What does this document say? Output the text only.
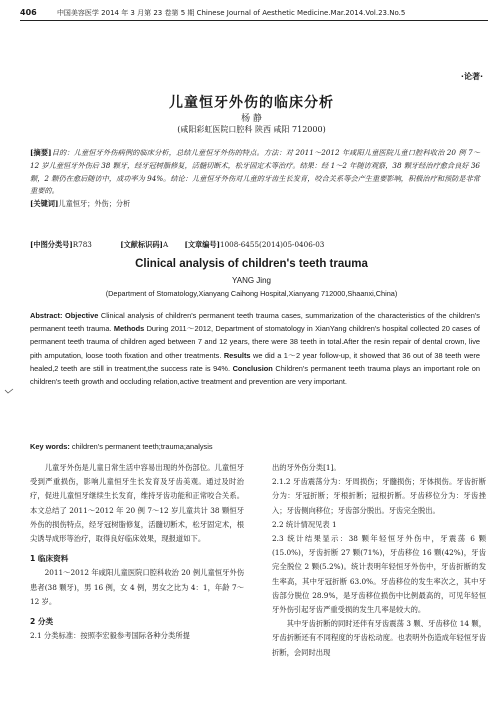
406	中国美容医学 2014 年 3 月第 23 卷第 5 期 Chinese Journal of Aesthetic Medicine.Mar.2014.Vol.23.No.5
·论著·
儿童恒牙外伤的临床分析
杨 静
(咸阳彩虹医院口腔科 陕西 咸阳 712000)
[摘要]目的：儿童恒牙外伤病例的临床分析，总结儿童恒牙外伤的特点。方法：对 2011～2012 年咸阳儿童医院儿童口腔科收治 20 例 7～12 岁儿童恒牙外伤后 38 颗牙，经牙冠树脂修复，活髓切断术，松牙固定术等治疗。结果：经 1～2 年随访观察，38 颗牙经治疗愈合良好 36 颗，2 颗仍在愈后随访中，成功率为 94%。结论：儿童恒牙外伤对儿童的牙齿生长发育，咬合关系等会产生重要影响，积极治疗和预防是非常重要的。
[关键词]儿童恒牙；外伤；分析
[中图分类号]R783	[文献标识码]A [文章编号]1008-6455(2014)05-0406-03
Clinical analysis of children's teeth trauma
YANG Jing
(Department of Stomatology,Xianyang Caihong Hospital,Xianyang 712000,Shaanxi,China)
Abstract: Objective Clinical analysis of children's permanent teeth trauma cases, summarization of the characteristics of the children's permanent teeth trauma. Methods During 2011～2012, Department of stomatology in XianYang children's hospital collected 20 cases of permanent teeth trauma of children aged between 7 and 12 years, there were 38 teeth in total.After the resin repair of dental crown, live pith amputation, loose tooth fixation and other treatments. Results we did a 1～2 year follow-up, it showed that 36 out of 38 teeth were healed,2 teeth are still in treatment,the success rate is 94%. Conclusion Children's permanent teeth trauma plays an important role on children's teeth growth and occluding relation,active treatment and prevention are very important.
Key words: children's permanent teeth;trauma;analysis

儿童牙外伤是儿童日常生活中容易出现的外伤部位。儿童恒牙受到严重损伤，影响儿童恒牙生长发育及牙齿美观。通过及时治疗，促进儿童恒牙继续生长发育，维持牙齿功能和正常咬合关系。本文总结了 2011～2012 年 20 例 7～12 岁儿童共计 38 颗恒牙外伤的损伤特点，经牙冠树脂修复，活髓切断术，松牙固定术，根尖诱导成形等治疗，取得良好临床效果，现报道如下。

1 临床资料

2011～2012 年咸阳儿童医院口腔科收治 20 例儿童恒牙外伤患者(38 颗牙)，男 16 例，女 4 例，男女之比为 4：1，年龄 7～12 岁。

2 分类

2.1 分类标准：按照李宏毅参考国际各种分类所提

出的牙外伤分类[1]。

2.1.2 牙齿震荡分为：牙周损伤；牙髓损伤；牙体损伤。牙齿折断分为：牙冠折断；牙根折断；冠根折断。牙齿移位分为：牙齿挫入；牙齿侧向移位；牙齿部分脱出。牙齿完全脱出。

2.2 统计情况见表 1

2.3 统计结果显示：38 颗年轻恒牙外伤中，牙震荡 6 颗(15.0%)，牙齿折断 27 颗(71%)，牙齿移位 16 颗(42%)，牙齿完全脱位 2 颗(5.2%)。统计表明年轻恒牙外伤中，牙齿折断的发生率高，其中牙冠折断 63.0%。牙齿移位的发生率次之，其中牙齿部分脱位 28.9%，是牙齿移位损伤中比例最高的，可见年轻恒牙外伤引起牙齿严重受损的发生几率是较大的。

其中牙齿折断的同时还伴有牙齿震荡 3 颗、牙齿移位 14 颗，牙齿折断还有不同程度的牙齿松动度。也表明外伤造成年轻恒牙齿折断，会同时出现
